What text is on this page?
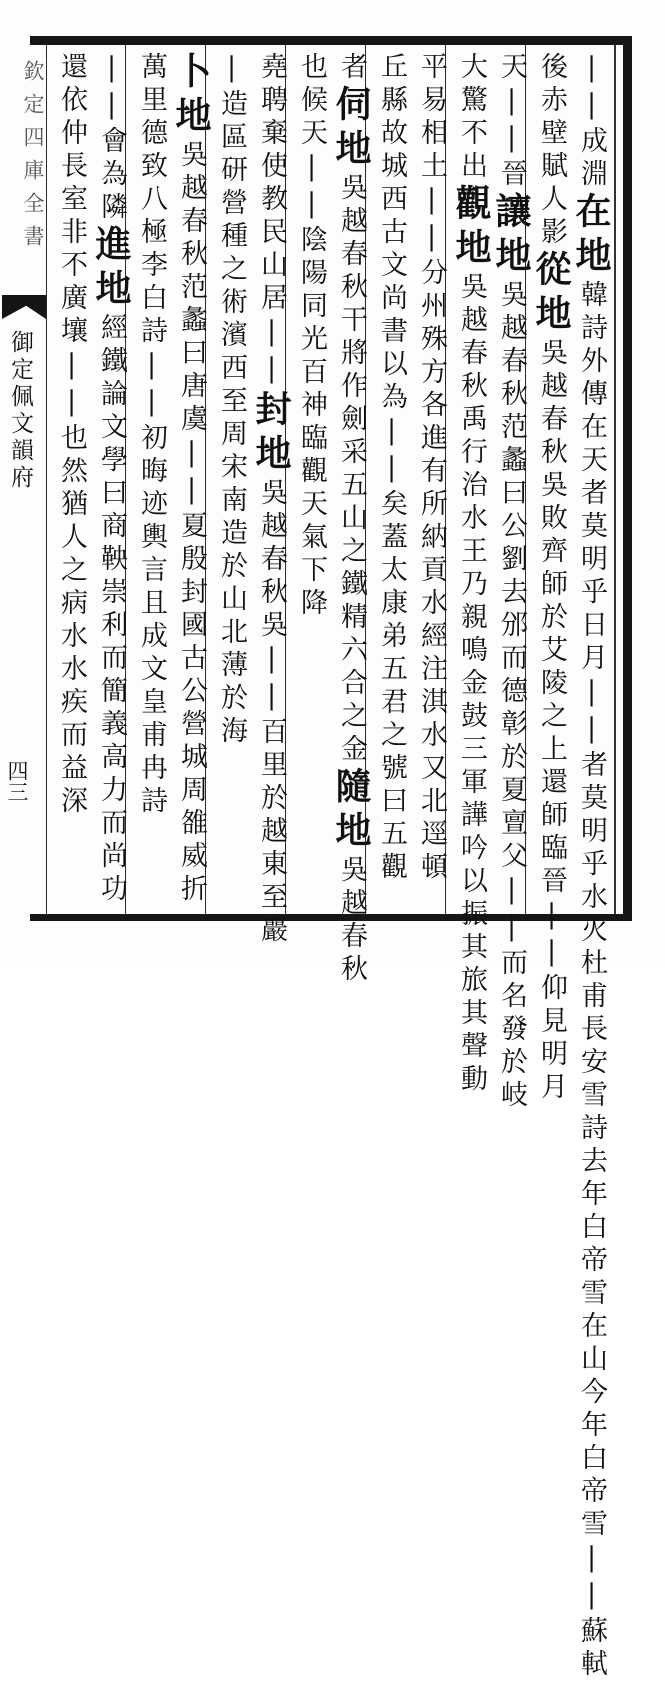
欽定四庫全書
御定佩文韻府
四三
||成淵在地韓詩外傳在天者莫明乎日月||者莫明乎水火杜甫長安雪詩去年白帝雪在山今年白帝雪||蘇軾
後赤壁賦人影從地吳越春秋吳敗齊師於艾陵之上還師臨晉||仰見明月
天||晉讓地吳越春秋范蠡曰公劉去邠而德彰於夏亶父||而名發於岐
大驚不出觀地吳越春秋禹行治水王乃親鳴金鼓三軍譁吟以振其旅其聲動
平易相土||分州殊方各進有所納貢水經注淇水又北逕頓
丘縣故城西古文尚書以為||矣蓋太康弟五君之號曰五觀
者伺地吳越春秋干將作劍采五山之鐵精六合之金隨地吳越春秋
也候天||陰陽同光百神臨觀天氣下降
堯聘棄使教民山居||封地吳越春秋吳||百里於越東至巖
|造區研營種之術濱西至周宋南造於山北薄於海
卜地吳越春秋范蠡曰唐虞||夏殷封國古公營城周雒威折
萬里德致八極李白詩||初晦迹輿言且成文皇甫冉詩
||會為隣進地經鐵論文學曰商鞅崇利而簡義高力而尚功
還依仲長室非不廣壤||也然猶人之病水水疾而益深
